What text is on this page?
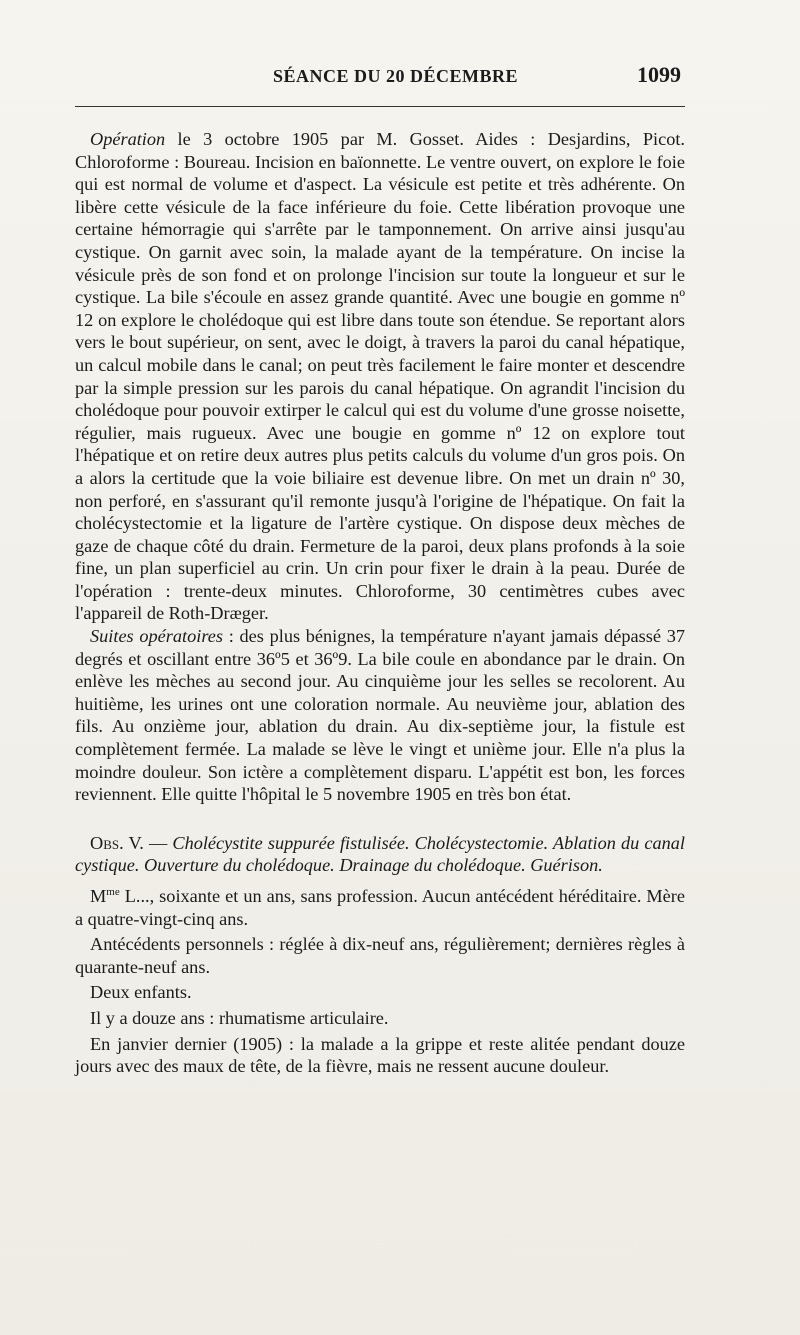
SÉANCE DU 20 DÉCEMBRE	1099

Opération le 3 octobre 1905 par M. Gosset. Aides : Desjardins, Picot. Chloroforme : Boureau. Incision en baïonnette. Le ventre ouvert, on explore le foie qui est normal de volume et d'aspect. La vésicule est petite et très adhérente. On libère cette vésicule de la face inférieure du foie. Cette libération provoque une certaine hémorragie qui s'arrête par le tamponnement. On arrive ainsi jusqu'au cystique. On garnit avec soin, la malade ayant de la température. On incise la vésicule près de son fond et on prolonge l'incision sur toute la longueur et sur le cystique. La bile s'écoule en assez grande quantité. Avec une bougie en gomme nº 12 on explore le cholédoque qui est libre dans toute son étendue. Se reportant alors vers le bout supérieur, on sent, avec le doigt, à travers la paroi du canal hépatique, un calcul mobile dans le canal; on peut très facilement le faire monter et descendre par la simple pression sur les parois du canal hépatique. On agrandit l'incision du cholédoque pour pouvoir extirper le calcul qui est du volume d'une grosse noisette, régulier, mais rugueux. Avec une bougie en gomme nº 12 on explore tout l'hépatique et on retire deux autres plus petits calculs du volume d'un gros pois. On a alors la certitude que la voie biliaire est devenue libre. On met un drain nº 30, non perforé, en s'assurant qu'il remonte jusqu'à l'origine de l'hépatique. On fait la cholécystectomie et la ligature de l'artère cystique. On dispose deux mèches de gaze de chaque côté du drain. Fermeture de la paroi, deux plans profonds à la soie fine, un plan superficiel au crin. Un crin pour fixer le drain à la peau. Durée de l'opération : trente-deux minutes. Chloroforme, 30 centimètres cubes avec l'appareil de Roth-Dræger.

Suites opératoires : des plus bénignes, la température n'ayant jamais dépassé 37 degrés et oscillant entre 36º5 et 36º9. La bile coule en abondance par le drain. On enlève les mèches au second jour. Au cinquième jour les selles se recolorent. Au huitième, les urines ont une coloration normale. Au neuvième jour, ablation des fils. Au onzième jour, ablation du drain. Au dix-septième jour, la fistule est complètement fermée. La malade se lève le vingt et unième jour. Elle n'a plus la moindre douleur. Son ictère a complètement disparu. L'appétit est bon, les forces reviennent. Elle quitte l'hôpital le 5 novembre 1905 en très bon état.

Obs. V. — Cholécystite suppurée fistulisée. Cholécystectomie. Ablation du canal cystique. Ouverture du cholédoque. Drainage du cholédoque. Guérison.

$M^{me}$ L..., soixante et un ans, sans profession. Aucun antécédent héréditaire. Mère a quatre-vingt-cinq ans.

Antécédents personnels : réglée à dix-neuf ans, régulièrement; dernières règles à quarante-neuf ans.

Deux enfants.

Il y a douze ans : rhumatisme articulaire.

En janvier dernier (1905) : la malade a la grippe et reste alitée pendant douze jours avec des maux de tête, de la fièvre, mais ne ressent aucune douleur.
